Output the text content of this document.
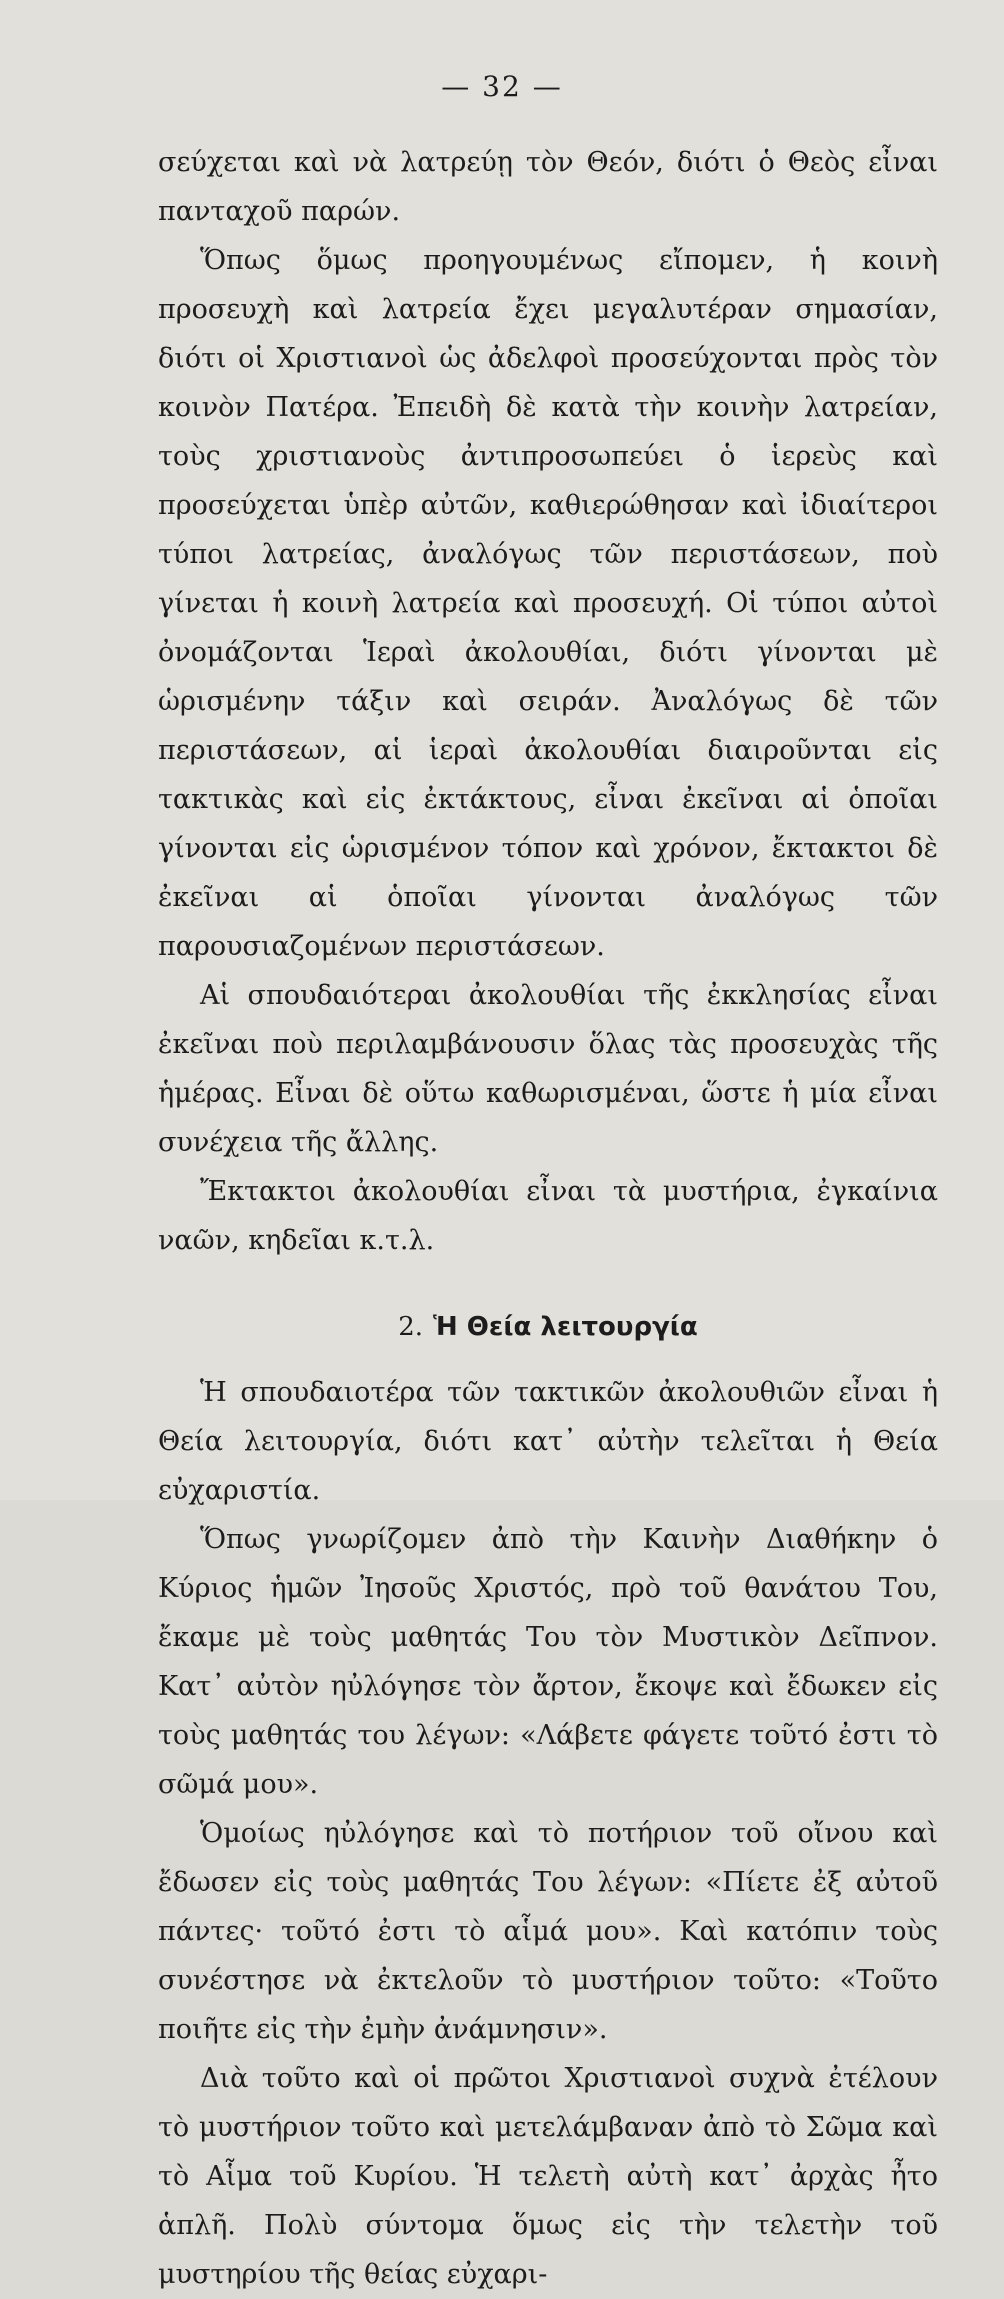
— 32 —

σεύχεται καὶ νὰ λατρεύῃ τὸν Θεόν, διότι ὁ Θεὸς εἶναι πανταχοῦ παρών.

Ὅπως ὅμως προηγουμένως εἴπομεν, ἡ κοινὴ προσευχὴ καὶ λατρεία ἔχει μεγαλυτέραν σημασίαν, διότι οἱ Χριστιανοὶ ὡς ἀδελφοὶ προσεύχονται πρὸς τὸν κοινὸν Πατέρα. Ἐπειδὴ δὲ κατὰ τὴν κοινὴν λατρείαν, τοὺς χριστιανοὺς ἀντιπροσωπεύει ὁ ἱερεὺς καὶ προσεύχεται ὑπὲρ αὐτῶν, καθιερώθησαν καὶ ἰδιαίτεροι τύποι λατρείας, ἀναλόγως τῶν περιστάσεων, ποὺ γίνεται ἡ κοινὴ λατρεία καὶ προσευχή. Οἱ τύποι αὐτοὶ ὀνομάζονται Ἱεραὶ ἀκολουθίαι, διότι γίνονται μὲ ὡρισμένην τάξιν καὶ σειράν. Ἀναλόγως δὲ τῶν περιστάσεων, αἱ ἱεραὶ ἀκολουθίαι διαιροῦνται εἰς τακτικὰς καὶ εἰς ἐκτάκτους, εἶναι ἐκεῖναι αἱ ὁποῖαι γίνονται εἰς ὡρισμένον τόπον καὶ χρόνον, ἔκτακτοι δὲ ἐκεῖναι αἱ ὁποῖαι γίνονται ἀναλόγως τῶν παρουσιαζομένων περιστάσεων.

Αἱ σπουδαιότεραι ἀκολουθίαι τῆς ἐκκλησίας εἶναι ἐκεῖναι ποὺ περιλαμβάνουσιν ὅλας τὰς προσευχὰς τῆς ἡμέρας. Εἶναι δὲ οὕτω καθωρισμέναι, ὥστε ἡ μία εἶναι συνέχεια τῆς ἄλλης.

Ἔκτακτοι ἀκολουθίαι εἶναι τὰ μυστήρια, ἐγκαίνια ναῶν, κηδεῖαι κ.τ.λ.

2. Ἡ Θεία λειτουργία

Ἡ σπουδαιοτέρα τῶν τακτικῶν ἀκολουθιῶν εἶναι ἡ Θεία λειτουργία, διότι κατ᾿ αὐτὴν τελεῖται ἡ Θεία εὐχαριστία.

Ὅπως γνωρίζομεν ἀπὸ τὴν Καινὴν Διαθήκην ὁ Κύριος ἡμῶν Ἰησοῦς Χριστός, πρὸ τοῦ θανάτου Του, ἔκαμε μὲ τοὺς μαθητάς Του τὸν Μυστικὸν Δεῖπνον. Κατ᾿ αὐτὸν ηὐλόγησε τὸν ἄρτον, ἔκοψε καὶ ἔδωκεν εἰς τοὺς μαθητάς του λέγων: «Λάβετε φάγετε τοῦτό ἐστι τὸ σῶμά μου».

Ὁμοίως ηὐλόγησε καὶ τὸ ποτήριον τοῦ οἴνου καὶ ἔδωσεν εἰς τοὺς μαθητάς Του λέγων: «Πίετε ἐξ αὐτοῦ πάντες· τοῦτό ἐστι τὸ αἷμά μου». Καὶ κατόπιν τοὺς συνέστησε νὰ ἐκτελοῦν τὸ μυστήριον τοῦτο: «Τοῦτο ποιῆτε εἰς τὴν ἐμὴν ἀνάμνησιν».

Διὰ τοῦτο καὶ οἱ πρῶτοι Χριστιανοὶ συχνὰ ἐτέλουν τὸ μυστήριον τοῦτο καὶ μετελάμβαναν ἀπὸ τὸ Σῶμα καὶ τὸ Αἷμα τοῦ Κυρίου. Ἡ τελετὴ αὐτὴ κατ᾿ ἀρχὰς ἦτο ἁπλῆ. Πολὺ σύντομα ὅμως εἰς τὴν τελετὴν τοῦ μυστηρίου τῆς θείας εὐχαρι-
